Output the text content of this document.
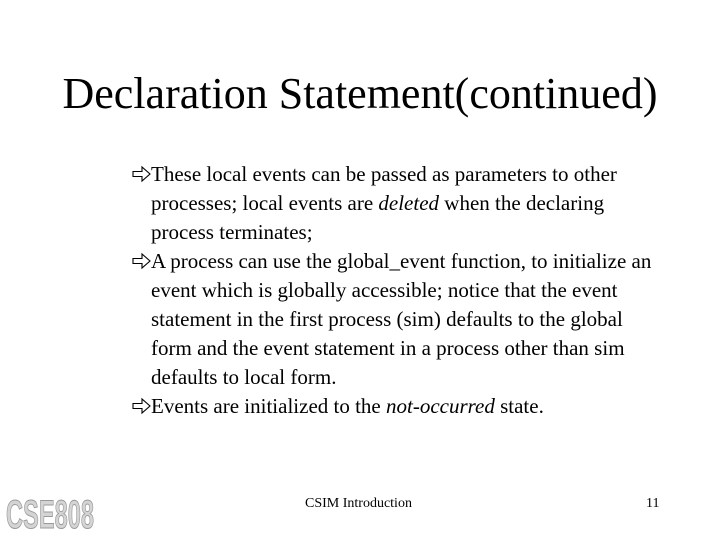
Declaration Statement(continued)
These local events can be passed as parameters to other processes; local events are deleted when the declaring process terminates;
A process can use the global_event function, to initialize an event which is globally accessible; notice that the event statement in the first process (sim) defaults to the global form and the event statement in a process other than sim defaults to local form.
Events are initialized to the not-occurred state.
CSE808	CSIM Introduction	11
